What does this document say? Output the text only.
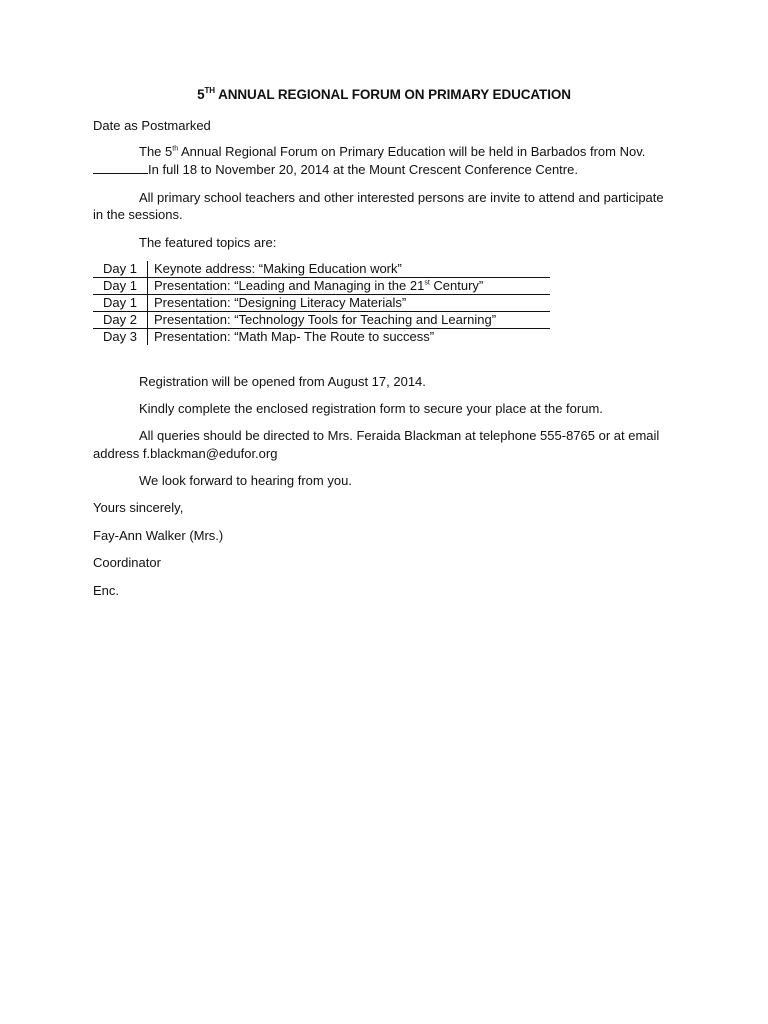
5TH ANNUAL REGIONAL FORUM ON PRIMARY EDUCATION
Date as Postmarked
The 5th Annual Regional Forum on Primary Education will be held in Barbados from Nov.
In full 18 to November 20, 2014 at the Mount Crescent Conference Centre.
All primary school teachers and other interested persons are invite to attend and participate
in the sessions.
The featured topics are:
Day 1	Keynote address: “Making Education work”
Day 1	Presentation: “Leading and Managing in the 21st Century”
Day 1	Presentation: “Designing Literacy Materials”
Day 2	Presentation: “Technology Tools for Teaching and Learning”
Day 3	Presentation: “Math Map- The Route to success”
Registration will be opened from August 17, 2014.
Kindly complete the enclosed registration form to secure your place at the forum.
All queries should be directed to Mrs. Feraida Blackman at telephone 555-8765 or at email
address f.blackman@edufor.org
We look forward to hearing from you.
Yours sincerely,
Fay-Ann Walker (Mrs.)
Coordinator
Enc.
